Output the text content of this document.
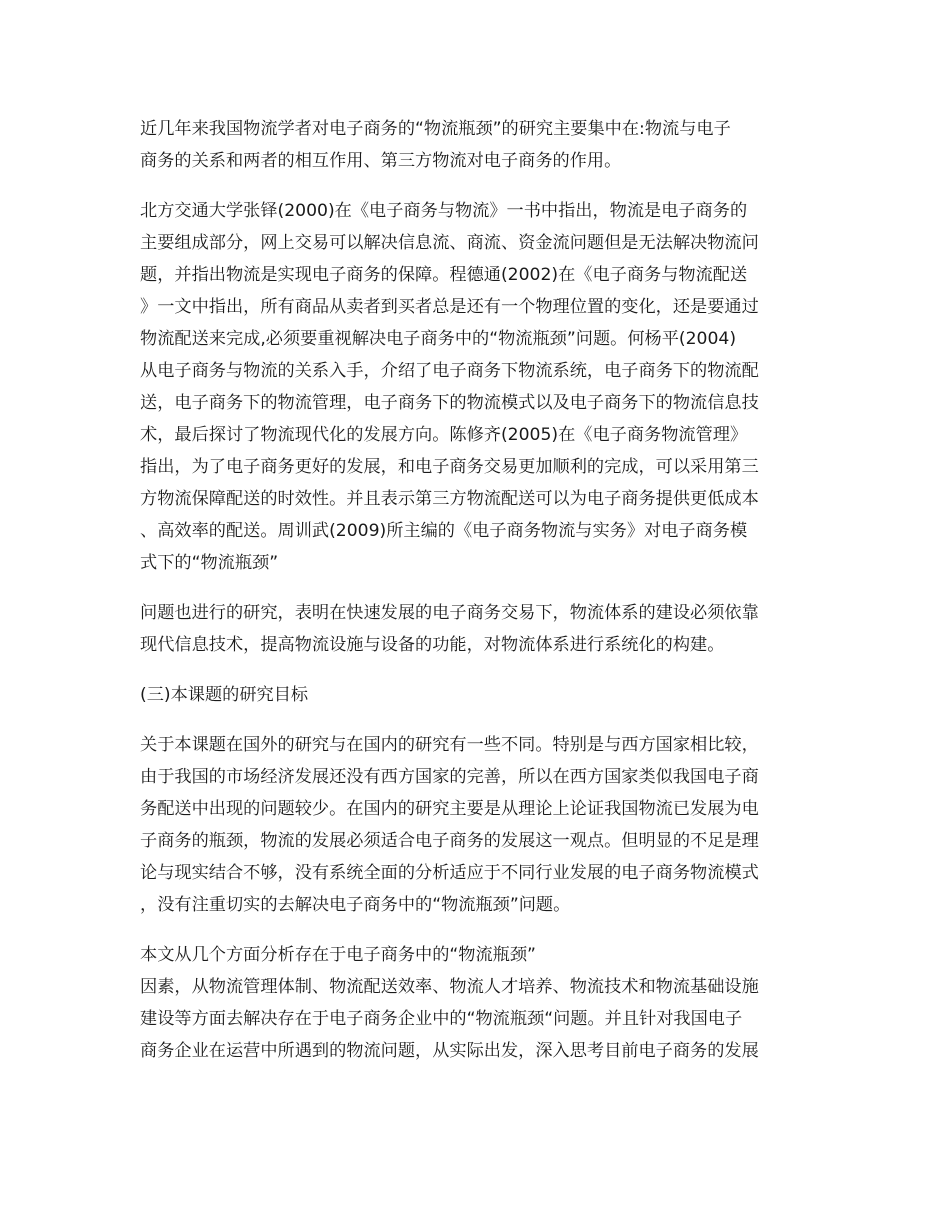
近几年来我国物流学者对电子商务的“物流瓶颈”的研究主要集中在:物流与电子
商务的关系和两者的相互作用、第三方物流对电子商务的作用。

北方交通大学张铎(2000)在《电子商务与物流》一书中指出，物流是电子商务的
主要组成部分，网上交易可以解决信息流、商流、资金流问题但是无法解决物流问
题，并指出物流是实现电子商务的保障。程德通(2002)在《电子商务与物流配送
》一文中指出，所有商品从卖者到买者总是还有一个物理位置的变化，还是要通过
物流配送来完成,必须要重视解决电子商务中的“物流瓶颈”问题。何杨平(2004)
从电子商务与物流的关系入手，介绍了电子商务下物流系统，电子商务下的物流配
送，电子商务下的物流管理，电子商务下的物流模式以及电子商务下的物流信息技
术，最后探讨了物流现代化的发展方向。陈修齐(2005)在《电子商务物流管理》
指出，为了电子商务更好的发展，和电子商务交易更加顺利的完成，可以采用第三
方物流保障配送的时效性。并且表示第三方物流配送可以为电子商务提供更低成本
、高效率的配送。周训武(2009)所主编的《电子商务物流与实务》对电子商务模
式下的“物流瓶颈”

问题也进行的研究，表明在快速发展的电子商务交易下，物流体系的建设必须依靠
现代信息技术，提高物流设施与设备的功能，对物流体系进行系统化的构建。

(三)本课题的研究目标

关于本课题在国外的研究与在国内的研究有一些不同。特别是与西方国家相比较，
由于我国的市场经济发展还没有西方国家的完善，所以在西方国家类似我国电子商
务配送中出现的问题较少。在国内的研究主要是从理论上论证我国物流已发展为电
子商务的瓶颈，物流的发展必须适合电子商务的发展这一观点。但明显的不足是理
论与现实结合不够，没有系统全面的分析适应于不同行业发展的电子商务物流模式
，没有注重切实的去解决电子商务中的“物流瓶颈”问题。

本文从几个方面分析存在于电子商务中的“物流瓶颈”
因素，从物流管理体制、物流配送效率、物流人才培养、物流技术和物流基础设施
建设等方面去解决存在于电子商务企业中的“物流瓶颈“问题。并且针对我国电子
商务企业在运营中所遇到的物流问题，从实际出发，深入思考目前电子商务的发展
